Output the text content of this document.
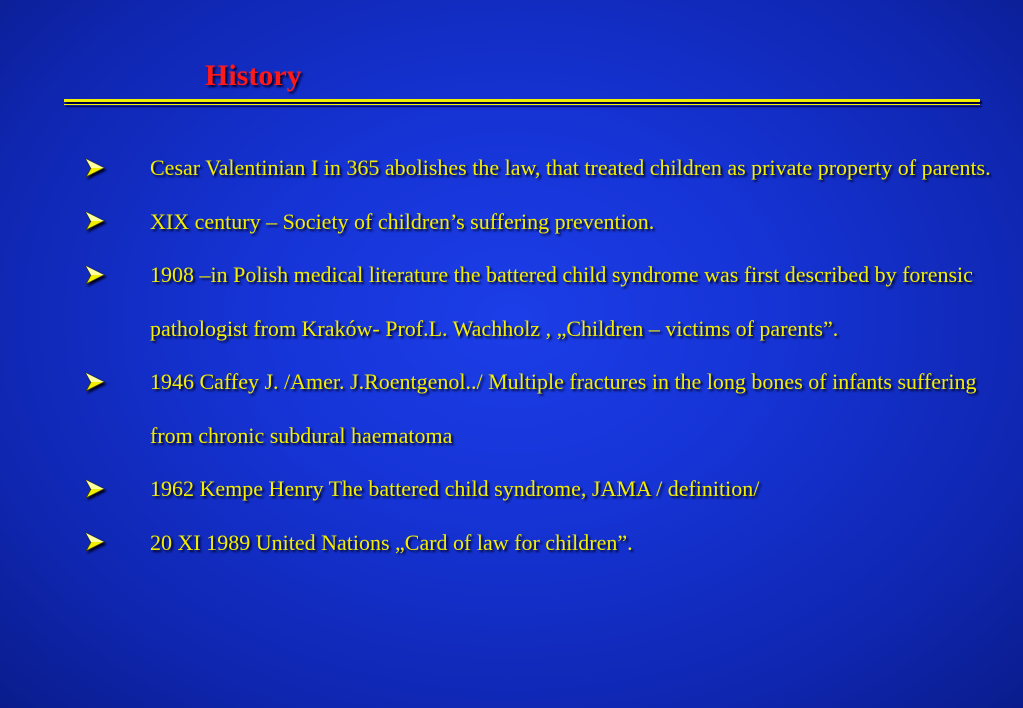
History
Cesar Valentinian I in 365 abolishes the law, that treated children as private property of parents.
XIX century – Society of children’s suffering prevention.
1908 –in Polish medical literature the battered child syndrome was first described by forensic pathologist from Kraków- Prof.L. Wachholz , „Children – victims of parents”.
1946 Caffey J. /Amer. J.Roentgenol../ Multiple fractures in the long bones of infants suffering from chronic subdural haematoma
1962 Kempe Henry The battered child syndrome, JAMA / definition/
20 XI 1989 United Nations „Card of law for children”.
